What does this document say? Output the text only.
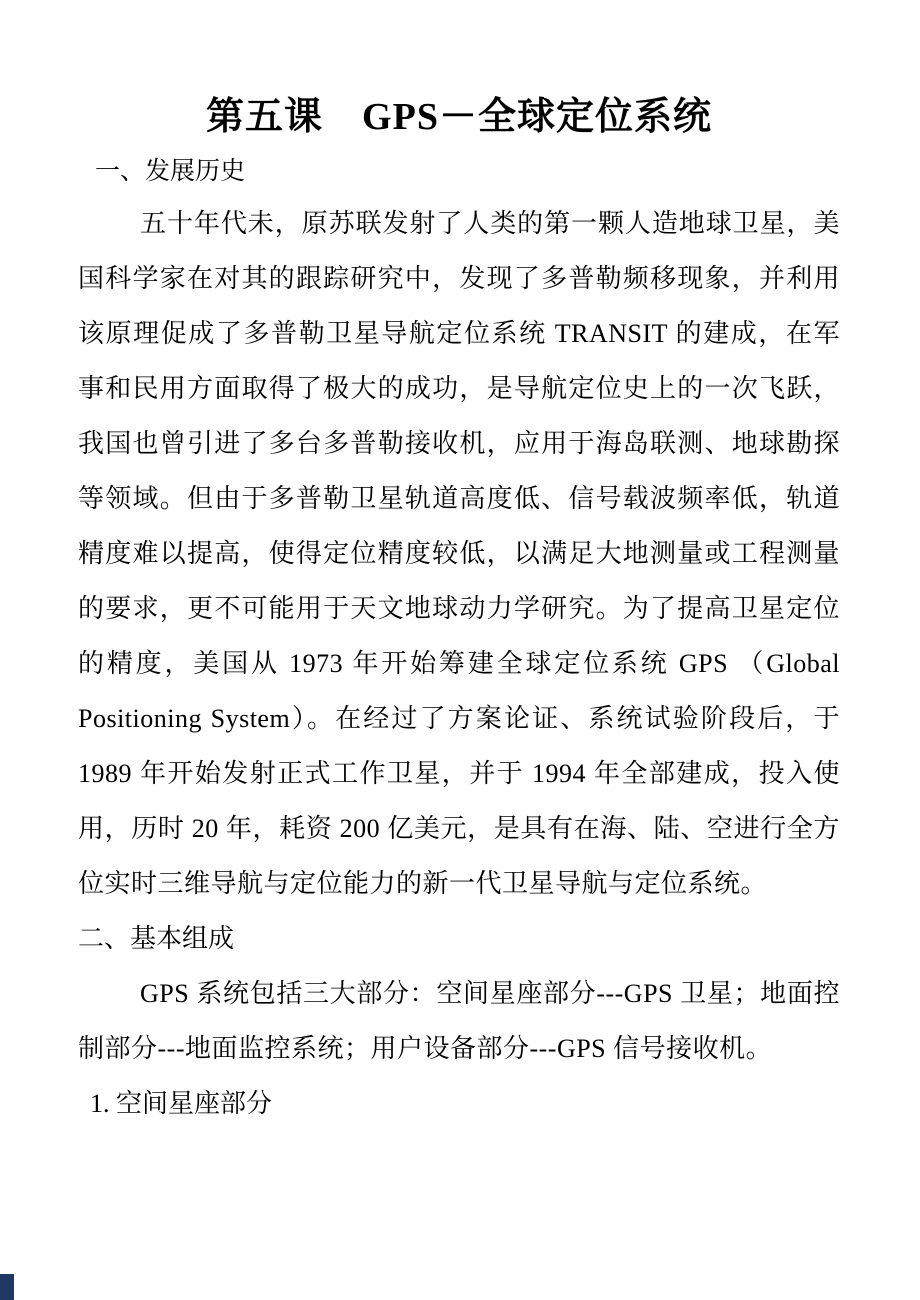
第五课　GPS－全球定位系统
一、发展历史

五十年代未，原苏联发射了人类的第一颗人造地球卫星，美国科学家在对其的跟踪研究中，发现了多普勒频移现象，并利用该原理促成了多普勒卫星导航定位系统 TRANSIT 的建成，在军事和民用方面取得了极大的成功，是导航定位史上的一次飞跃，我国也曾引进了多台多普勒接收机，应用于海岛联测、地球勘探等领域。但由于多普勒卫星轨道高度低、信号载波频率低，轨道精度难以提高，使得定位精度较低，以满足大地测量或工程测量的要求，更不可能用于天文地球动力学研究。为了提高卫星定位的精度，美国从 1973 年开始筹建全球定位系统 GPS （Global Positioning System）。在经过了方案论证、系统试验阶段后，于 1989 年开始发射正式工作卫星，并于 1994 年全部建成，投入使用，历时 20 年，耗资 200 亿美元，是具有在海、陆、空进行全方位实时三维导航与定位能力的新一代卫星导航与定位系统。

二、基本组成

GPS 系统包括三大部分：空间星座部分---GPS 卫星；地面控制部分---地面监控系统；用户设备部分---GPS 信号接收机。

1. 空间星座部分
